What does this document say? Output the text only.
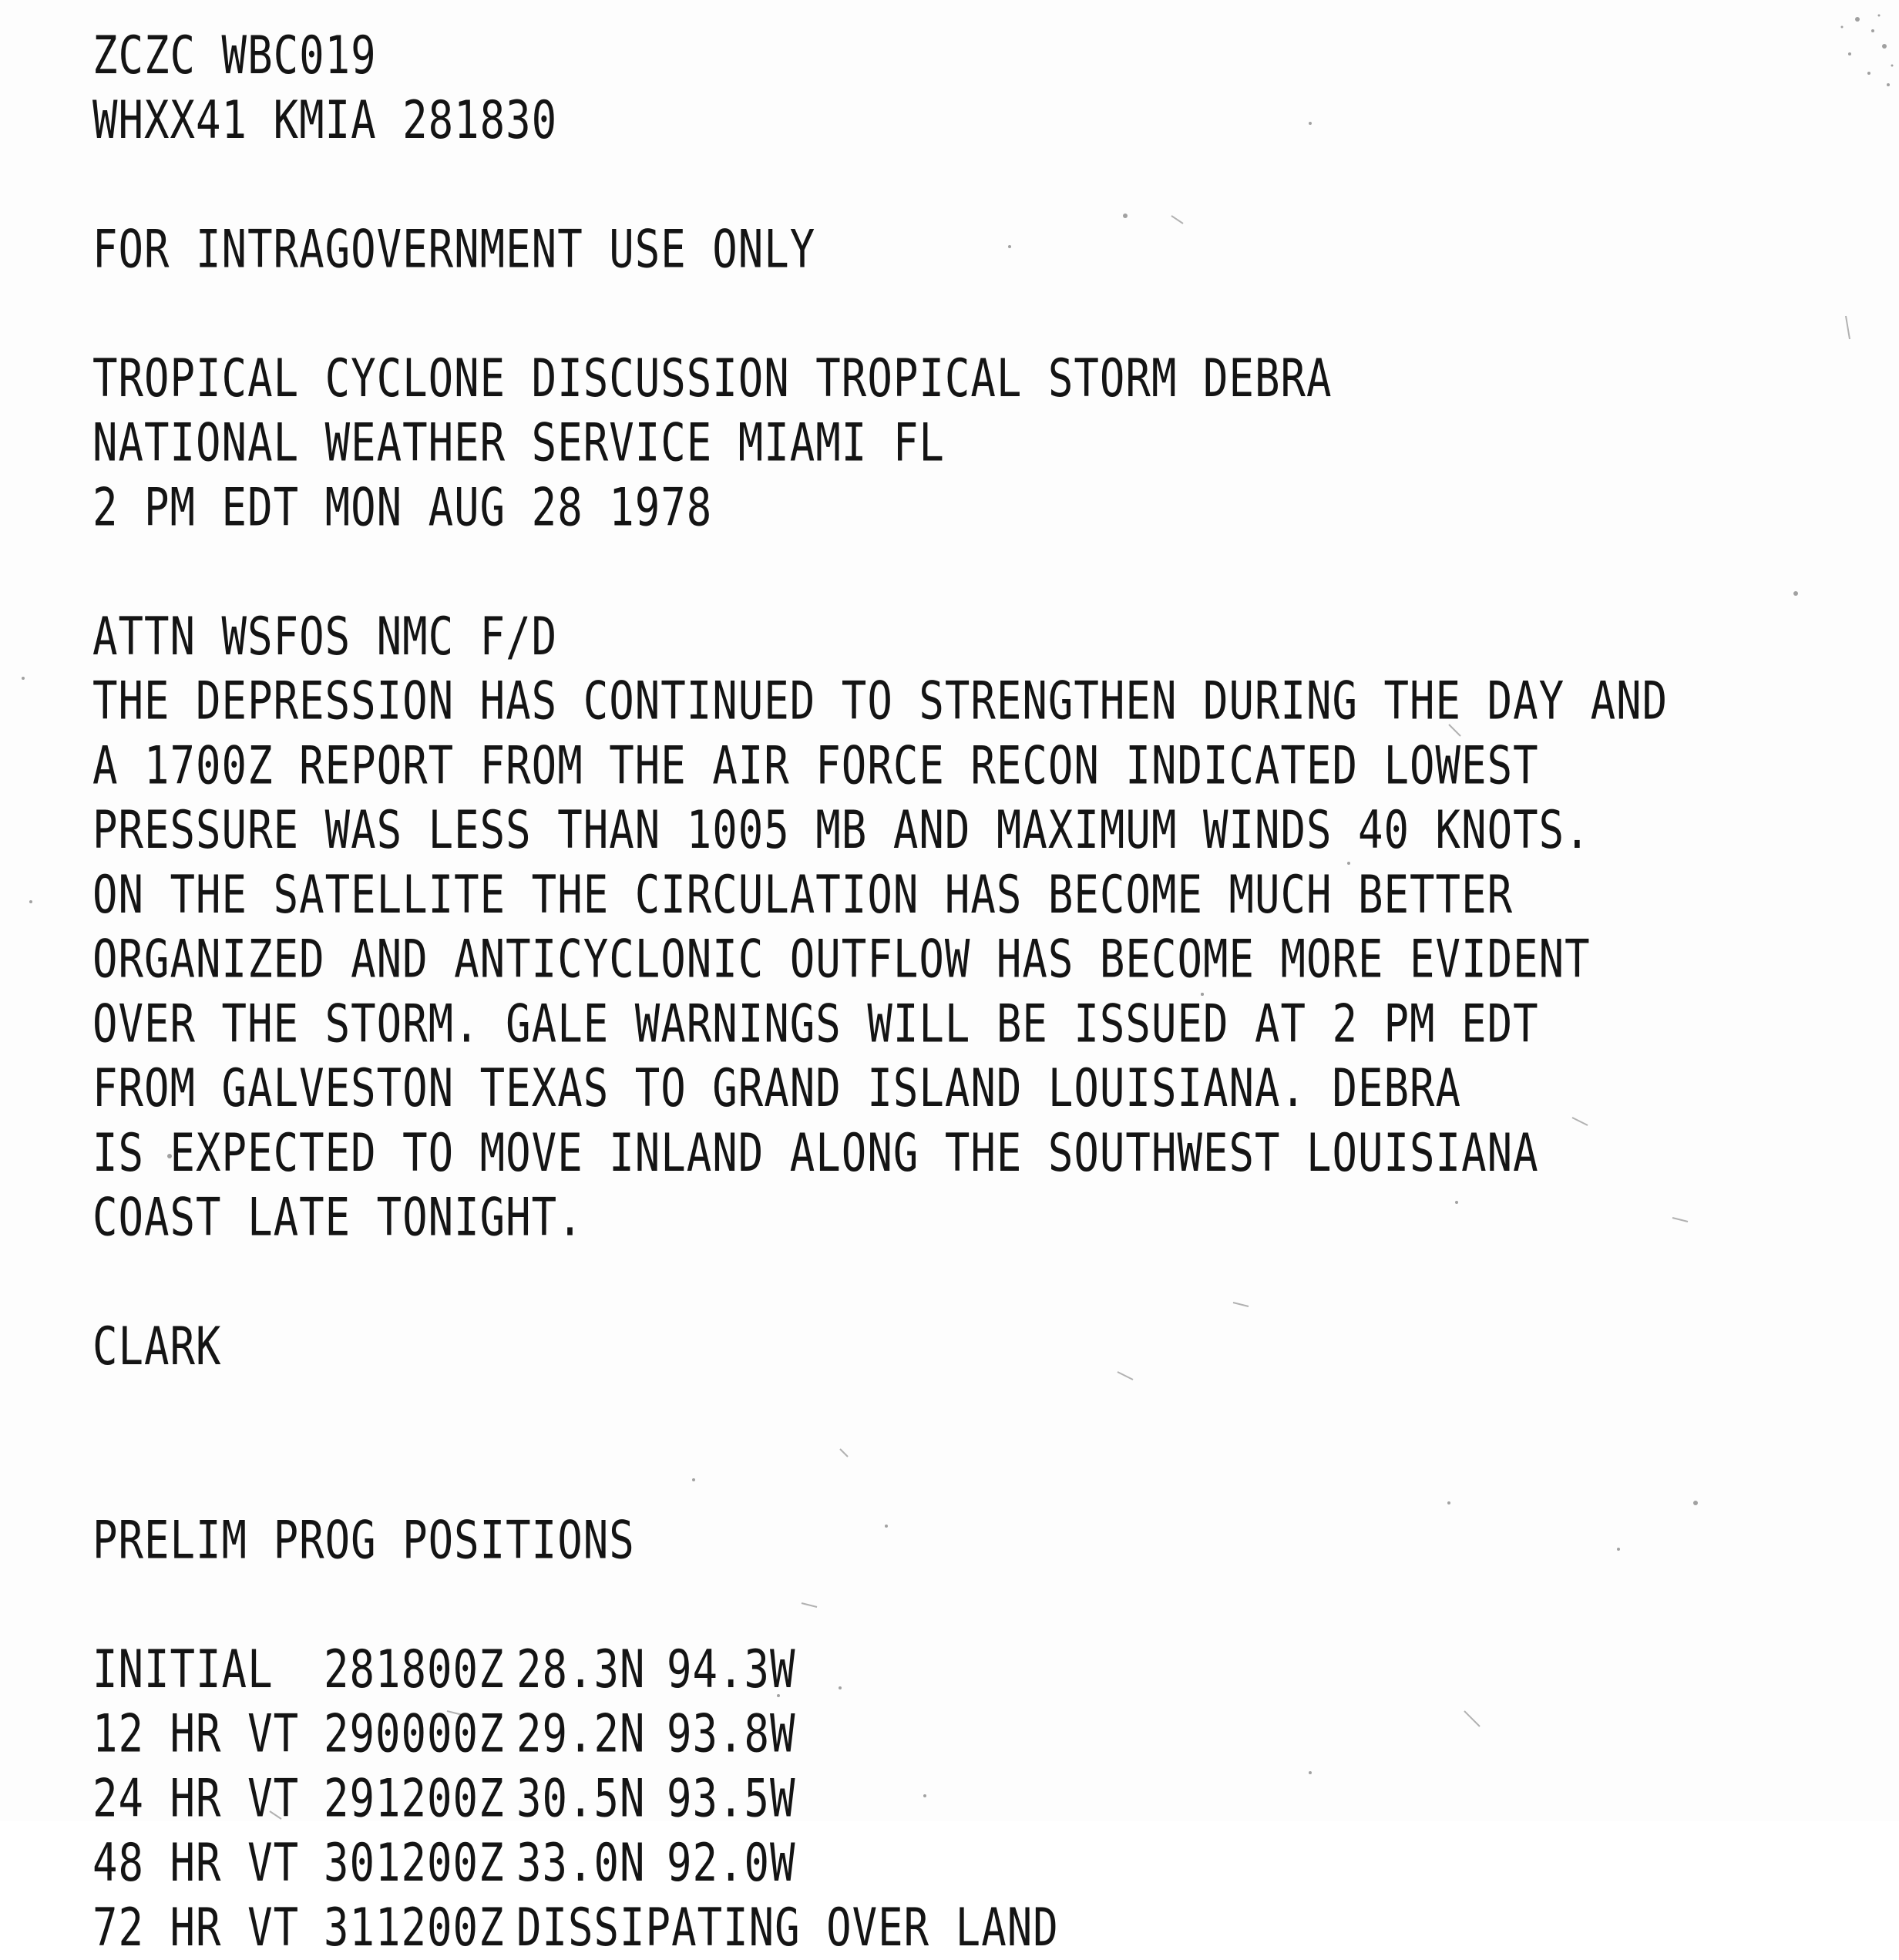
ZCZC WBC019
WHXX41 KMIA 281830
FOR INTRAGOVERNMENT USE ONLY
TROPICAL CYCLONE DISCUSSION TROPICAL STORM DEBRA
NATIONAL WEATHER SERVICE MIAMI FL
2 PM EDT MON AUG 28 1978
ATTN WSFOS NMC F/D
THE DEPRESSION HAS CONTINUED TO STRENGTHEN DURING THE DAY AND
A 1700Z REPORT FROM THE AIR FORCE RECON INDICATED LOWEST
PRESSURE WAS LESS THAN 1005 MB AND MAXIMUM WINDS 40 KNOTS.
ON THE SATELLITE THE CIRCULATION HAS BECOME MUCH BETTER
ORGANIZED AND ANTICYCLONIC OUTFLOW HAS BECOME MORE EVIDENT
OVER THE STORM. GALE WARNINGS WILL BE ISSUED AT 2 PM EDT
FROM GALVESTON TEXAS TO GRAND ISLAND LOUISIANA. DEBRA
IS EXPECTED TO MOVE INLAND ALONG THE SOUTHWEST LOUISIANA
COAST LATE TONIGHT.
CLARK
PRELIM PROG POSITIONS
INITIAL	281800Z 28.3N 94.3W
12 HR VT 290000Z 29.2N 93.8W
24 HR VT 291200Z 30.5N 93.5W
48 HR VT 301200Z 33.0N 92.0W
72 HR VT 311200Z DISSIPATING OVER LAND
